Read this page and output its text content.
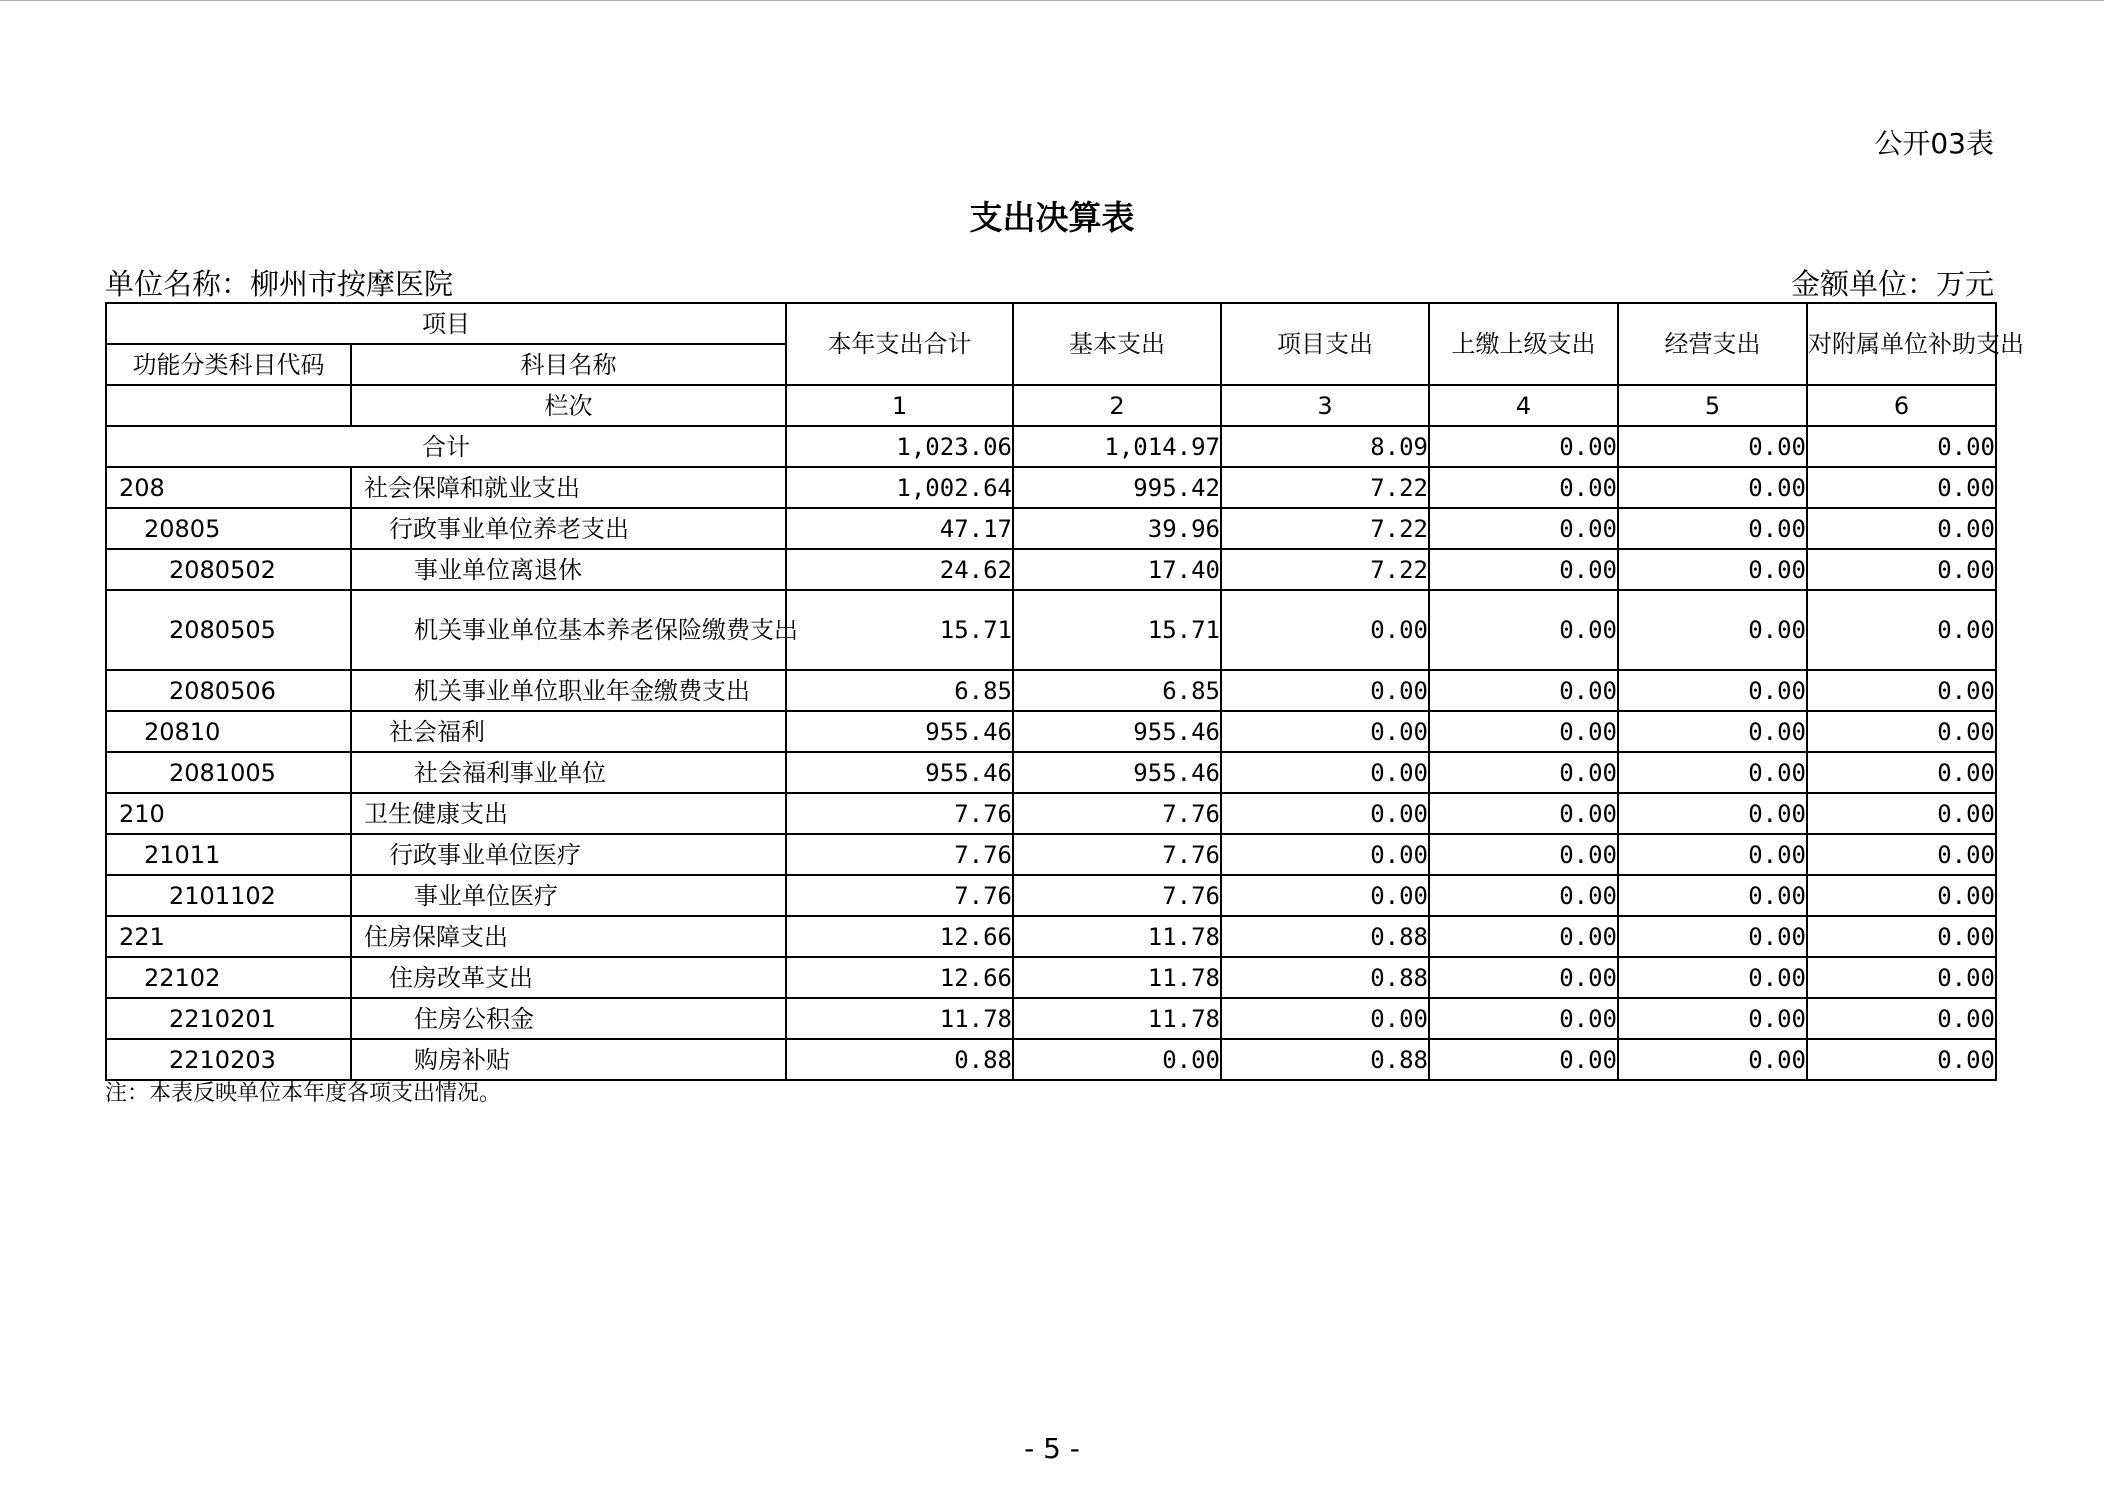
公开03表
支出决算表
单位名称：柳州市按摩医院	金额单位：万元
项目		本年支出合计	基本支出	项目支出	上缴上级支出	经营支出	对附属单位补助支出
功能分类科目代码	科目名称						
	栏次	1	2	3	4	5	6
合计		1,023.06	1,014.97	8.09	0.00	0.00	0.00
208	社会保障和就业支出	1,002.64	995.42	7.22	0.00	0.00	0.00
20805	行政事业单位养老支出	47.17	39.96	7.22	0.00	0.00	0.00
2080502	事业单位离退休	24.62	17.40	7.22	0.00	0.00	0.00
2080505	机关事业单位基本养老保险缴费支出	15.71	15.71	0.00	0.00	0.00	0.00
2080506	机关事业单位职业年金缴费支出	6.85	6.85	0.00	0.00	0.00	0.00
20810	社会福利	955.46	955.46	0.00	0.00	0.00	0.00
2081005	社会福利事业单位	955.46	955.46	0.00	0.00	0.00	0.00
210	卫生健康支出	7.76	7.76	0.00	0.00	0.00	0.00
21011	行政事业单位医疗	7.76	7.76	0.00	0.00	0.00	0.00
2101102	事业单位医疗	7.76	7.76	0.00	0.00	0.00	0.00
221	住房保障支出	12.66	11.78	0.88	0.00	0.00	0.00
22102	住房改革支出	12.66	11.78	0.88	0.00	0.00	0.00
2210201	住房公积金	11.78	11.78	0.00	0.00	0.00	0.00
2210203	购房补贴	0.88	0.00	0.88	0.00	0.00	0.00
注：本表反映单位本年度各项支出情况。
- 5 -
